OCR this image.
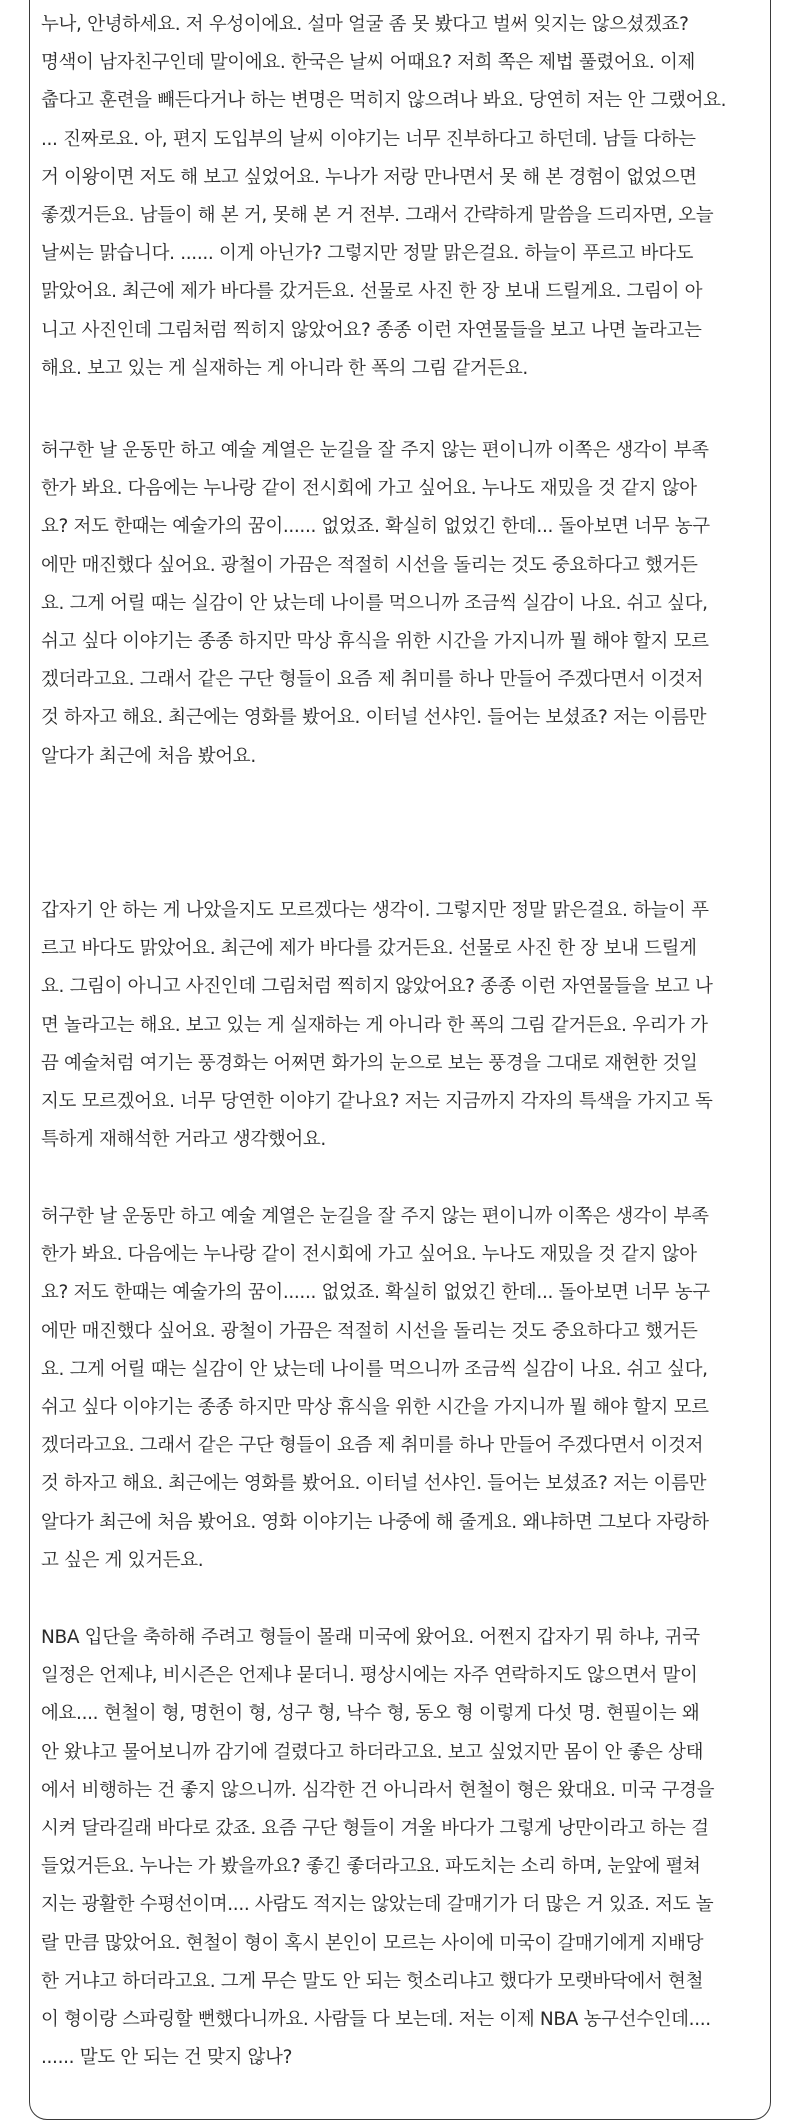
누나, 안녕하세요. 저 우성이에요. 설마 얼굴 좀 못 봤다고 벌써 잊지는 않으셨겠죠?
명색이 남자친구인데 말이에요. 한국은 날씨 어때요? 저희 쪽은 제법 풀렸어요. 이제
춥다고 훈련을 빼든다거나 하는 변명은 먹히지 않으려나 봐요. 당연히 저는 안 그랬어요.
... 진짜로요. 아, 편지 도입부의 날씨 이야기는 너무 진부하다고 하던데. 남들 다하는
거 이왕이면 저도 해 보고 싶었어요. 누나가 저랑 만나면서 못 해 본 경험이 없었으면
좋겠거든요. 남들이 해 본 거, 못해 본 거 전부. 그래서 간략하게 말씀을 드리자면, 오늘
날씨는 맑습니다. ...... 이게 아닌가? 그렇지만 정말 맑은걸요. 하늘이 푸르고 바다도
맑았어요. 최근에 제가 바다를 갔거든요. 선물로 사진 한 장 보내 드릴게요. 그림이 아
니고 사진인데 그림처럼 찍히지 않았어요? 종종 이런 자연물들을 보고 나면 놀라고는
해요. 보고 있는 게 실재하는 게 아니라 한 폭의 그림 같거든요.

허구한 날 운동만 하고 예술 계열은 눈길을 잘 주지 않는 편이니까 이쪽은 생각이 부족
한가 봐요. 다음에는 누나랑 같이 전시회에 가고 싶어요. 누나도 재밌을 것 같지 않아
요? 저도 한때는 예술가의 꿈이...... 없었죠. 확실히 없었긴 한데... 돌아보면 너무 농구
에만 매진했다 싶어요. 광철이 가끔은 적절히 시선을 돌리는 것도 중요하다고 했거든
요. 그게 어릴 때는 실감이 안 났는데 나이를 먹으니까 조금씩 실감이 나요. 쉬고 싶다,
쉬고 싶다 이야기는 종종 하지만 막상 휴식을 위한 시간을 가지니까 뭘 해야 할지 모르
겠더라고요. 그래서 같은 구단 형들이 요즘 제 취미를 하나 만들어 주겠다면서 이것저
것 하자고 해요. 최근에는 영화를 봤어요. 이터널 선샤인. 들어는 보셨죠? 저는 이름만
알다가 최근에 처음 봤어요.

갑자기 안 하는 게 나았을지도 모르겠다는 생각이. 그렇지만 정말 맑은걸요. 하늘이 푸
르고 바다도 맑았어요. 최근에 제가 바다를 갔거든요. 선물로 사진 한 장 보내 드릴게
요. 그림이 아니고 사진인데 그림처럼 찍히지 않았어요? 종종 이런 자연물들을 보고 나
면 놀라고는 해요. 보고 있는 게 실재하는 게 아니라 한 폭의 그림 같거든요. 우리가 가
끔 예술처럼 여기는 풍경화는 어쩌면 화가의 눈으로 보는 풍경을 그대로 재현한 것일
지도 모르겠어요. 너무 당연한 이야기 같나요? 저는 지금까지 각자의 특색을 가지고 독
특하게 재해석한 거라고 생각했어요.

허구한 날 운동만 하고 예술 계열은 눈길을 잘 주지 않는 편이니까 이쪽은 생각이 부족
한가 봐요. 다음에는 누나랑 같이 전시회에 가고 싶어요. 누나도 재밌을 것 같지 않아
요? 저도 한때는 예술가의 꿈이...... 없었죠. 확실히 없었긴 한데... 돌아보면 너무 농구
에만 매진했다 싶어요. 광철이 가끔은 적절히 시선을 돌리는 것도 중요하다고 했거든
요. 그게 어릴 때는 실감이 안 났는데 나이를 먹으니까 조금씩 실감이 나요. 쉬고 싶다,
쉬고 싶다 이야기는 종종 하지만 막상 휴식을 위한 시간을 가지니까 뭘 해야 할지 모르
겠더라고요. 그래서 같은 구단 형들이 요즘 제 취미를 하나 만들어 주겠다면서 이것저
것 하자고 해요. 최근에는 영화를 봤어요. 이터널 선샤인. 들어는 보셨죠? 저는 이름만
알다가 최근에 처음 봤어요. 영화 이야기는 나중에 해 줄게요. 왜냐하면 그보다 자랑하
고 싶은 게 있거든요.

NBA 입단을 축하해 주려고 형들이 몰래 미국에 왔어요. 어쩐지 갑자기 뭐 하냐, 귀국
일정은 언제냐, 비시즌은 언제냐 묻더니. 평상시에는 자주 연락하지도 않으면서 말이
에요.... 현철이 형, 명헌이 형, 성구 형, 낙수 형, 동오 형 이렇게 다섯 명. 현필이는 왜
안 왔냐고 물어보니까 감기에 걸렸다고 하더라고요. 보고 싶었지만 몸이 안 좋은 상태
에서 비행하는 건 좋지 않으니까. 심각한 건 아니라서 현철이 형은 왔대요. 미국 구경을
시켜 달라길래 바다로 갔죠. 요즘 구단 형들이 겨울 바다가 그렇게 낭만이라고 하는 걸
들었거든요. 누나는 가 봤을까요? 좋긴 좋더라고요. 파도치는 소리 하며, 눈앞에 펼쳐
지는 광활한 수평선이며.... 사람도 적지는 않았는데 갈매기가 더 많은 거 있죠. 저도 놀
랄 만큼 많았어요. 현철이 형이 혹시 본인이 모르는 사이에 미국이 갈매기에게 지배당
한 거냐고 하더라고요. 그게 무슨 말도 안 되는 헛소리냐고 했다가 모랫바닥에서 현철
이 형이랑 스파링할 뻔했다니까요. 사람들 다 보는데. 저는 이제 NBA 농구선수인데....
...... 말도 안 되는 건 맞지 않나?
